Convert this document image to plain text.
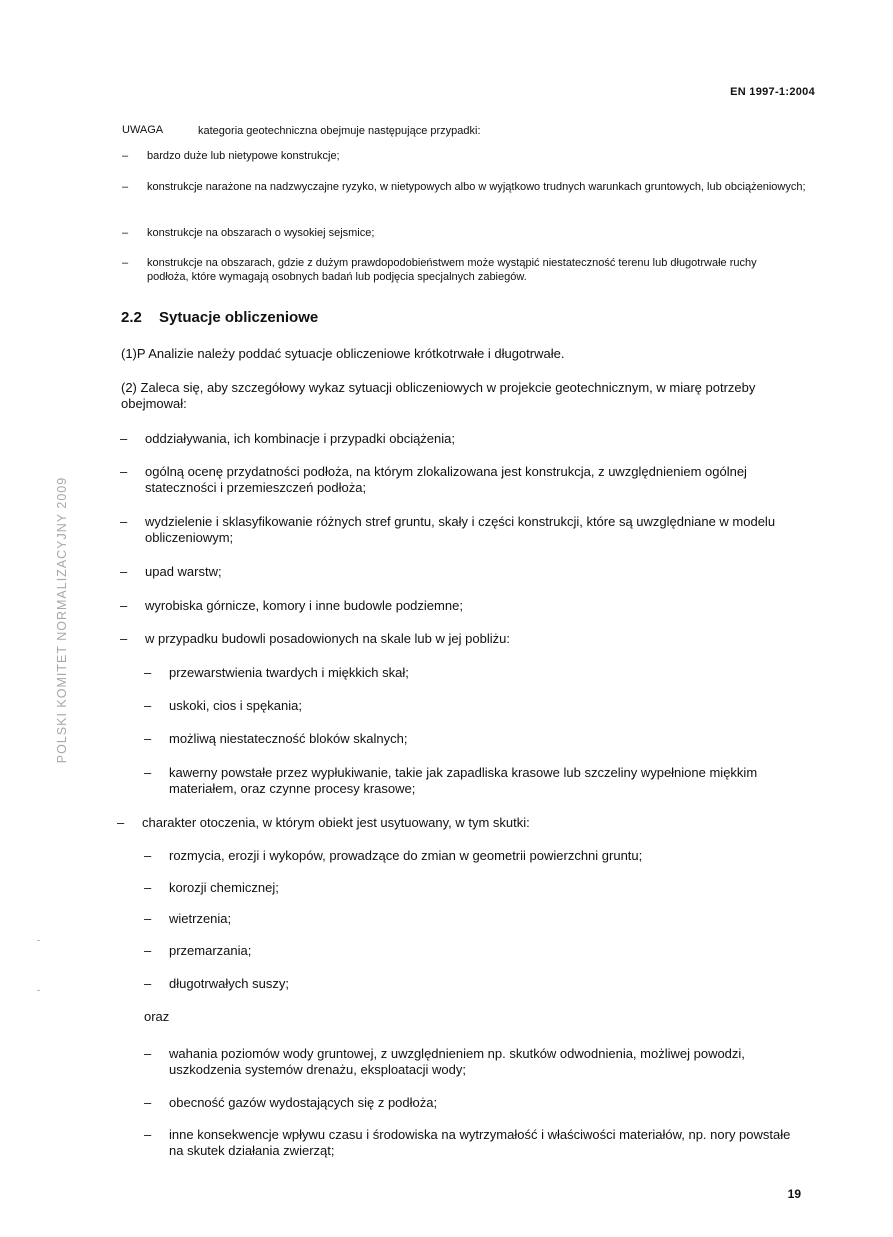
EN 1997-1:2004
POLSKI KOMITET NORMALIZACYJNY 2009
UWAGA	kategoria geotechniczna obejmuje następujące przypadki:
– bardzo duże lub nietypowe konstrukcje;
– konstrukcje narażone na nadzwyczajne ryzyko, w nietypowych albo w wyjątkowo trudnych warunkach gruntowych, lub obciążeniowych;
– konstrukcje na obszarach o wysokiej sejsmice;
– konstrukcje na obszarach, gdzie z dużym prawdopodobieństwem może wystąpić niestateczność terenu lub długotrwałe ruchy podłoża, które wymagają osobnych badań lub podjęcia specjalnych zabiegów.
2.2 Sytuacje obliczeniowe
(1)P Analizie należy poddać sytuacje obliczeniowe krótkotrwałe i długotrwałe.
(2) Zaleca się, aby szczegółowy wykaz sytuacji obliczeniowych w projekcie geotechnicznym, w miarę potrzeby obejmował:
– oddziaływania, ich kombinacje i przypadki obciążenia;
– ogólną ocenę przydatności podłoża, na którym zlokalizowana jest konstrukcja, z uwzględnieniem ogólnej stateczności i przemieszczeń podłoża;
– wydzielenie i sklasyfikowanie różnych stref gruntu, skały i części konstrukcji, które są uwzględniane w modelu obliczeniowym;
– upad warstw;
– wyrobiska górnicze, komory i inne budowle podziemne;
– w przypadku budowli posadowionych na skale lub w jej pobliżu:
– przewarstwienia twardych i miękkich skał;
– uskoki, cios i spękania;
– możliwą niestateczność bloków skalnych;
– kawerny powstałe przez wypłukiwanie, takie jak zapadliska krasowe lub szczeliny wypełnione miękkim materiałem, oraz czynne procesy krasowe;
– charakter otoczenia, w którym obiekt jest usytuowany, w tym skutki:
– rozmycia, erozji i wykopów, prowadzące do zmian w geometrii powierzchni gruntu;
– korozji chemicznej;
– wietrzenia;
– przemarzania;
– długotrwałych suszy;
oraz
– wahania poziomów wody gruntowej, z uwzględnieniem np. skutków odwodnienia, możliwej powodzi, uszkodzenia systemów drenażu, eksploatacji wody;
– obecność gazów wydostających się z podłoża;
– inne konsekwencje wpływu czasu i środowiska na wytrzymałość i właściwości materiałów, np. nory powstałe na skutek działania zwierząt;
19
